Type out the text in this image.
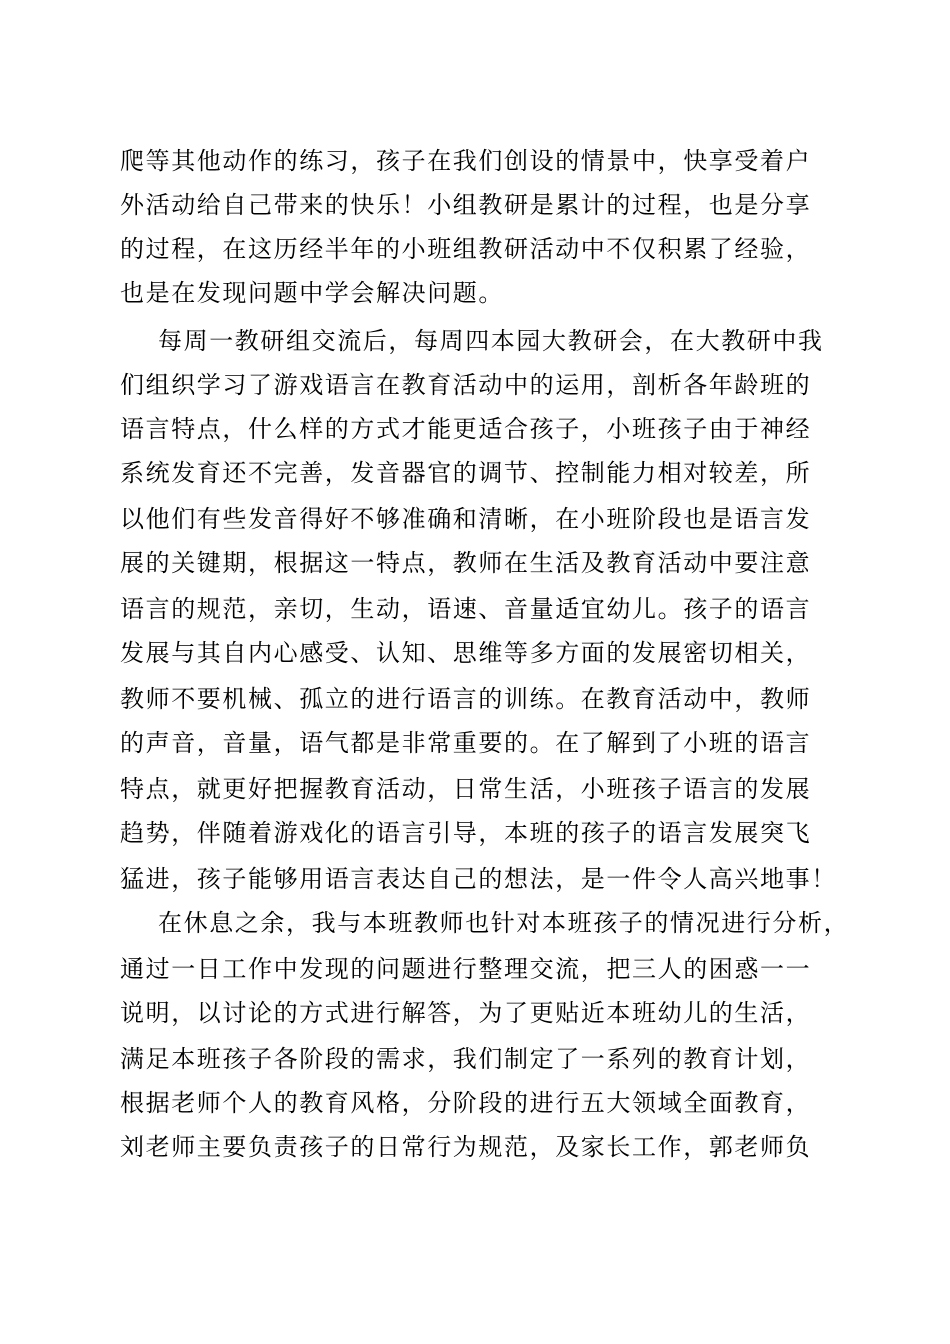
爬等其他动作的练习，孩子在我们创设的情景中，快享受着户

外活动给自己带来的快乐！小组教研是累计的过程，也是分享

的过程，在这历经半年的小班组教研活动中不仅积累了经验，

也是在发现问题中学会解决问题。

每周一教研组交流后，每周四本园大教研会，在大教研中我

们组织学习了游戏语言在教育活动中的运用，剖析各年龄班的

语言特点，什么样的方式才能更适合孩子，小班孩子由于神经

系统发育还不完善，发音器官的调节、控制能力相对较差，所

以他们有些发音得好不够准确和清晰，在小班阶段也是语言发

展的关键期，根据这一特点，教师在生活及教育活动中要注意

语言的规范，亲切，生动，语速、音量适宜幼儿。孩子的语言

发展与其自内心感受、认知、思维等多方面的发展密切相关，

教师不要机械、孤立的进行语言的训练。在教育活动中，教师

的声音，音量，语气都是非常重要的。在了解到了小班的语言

特点，就更好把握教育活动，日常生活，小班孩子语言的发展

趋势，伴随着游戏化的语言引导，本班的孩子的语言发展突飞

猛进，孩子能够用语言表达自己的想法，是一件令人高兴地事！

在休息之余，我与本班教师也针对本班孩子的情况进行分析，

通过一日工作中发现的问题进行整理交流，把三人的困惑一一

说明，以讨论的方式进行解答，为了更贴近本班幼儿的生活，

满足本班孩子各阶段的需求，我们制定了一系列的教育计划，

根据老师个人的教育风格，分阶段的进行五大领域全面教育，

刘老师主要负责孩子的日常行为规范，及家长工作，郭老师负
